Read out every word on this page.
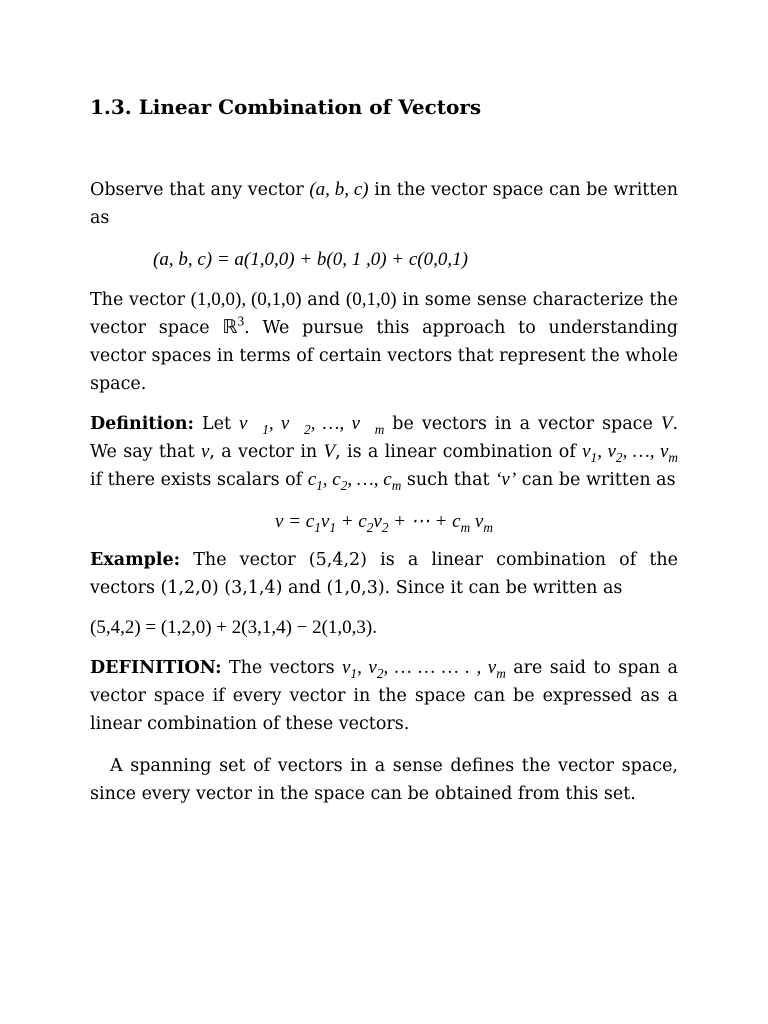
1.3. Linear Combination of Vectors

Observe that any vector (a, b, c) in the vector space can be written as

(a, b, c) = a(1,0,0) + b(0, 1 ,0) + c(0,0,1)

The vector (1,0,0), (0,1,0) and (0,1,0) in some sense characterize the vector space ℝ$^3$. We pursue this approach to understanding vector spaces in terms of certain vectors that represent the whole space.

Definition: Let $v⃗_1$, $v⃗_2$, …, $v⃗_m$ be vectors in a vector space V. We say that v, a vector in V, is a linear combination of $v_1$, $v_2$, …, $v_m$ if there exists scalars of $c_1$, $c_2$, …, $c_m$ such that ‘v’ can be written as

$v = c_1v_1 + c_2v_2$ + ⋯ + $c_m$ $v_m$

Example: The vector (5,4,2) is a linear combination of the vectors (1,2,0) (3,1,4) and (1,0,3). Since it can be written as

(5,4,2) = (1,2,0) + 2(3,1,4) − 2(1,0,3).

DEFINITION: The vectors $v_1$, $v_2$, … … … . , $v_m$ are said to span a vector space if every vector in the space can be expressed as a linear combination of these vectors.

A spanning set of vectors in a sense defines the vector space, since every vector in the space can be obtained from this set.
